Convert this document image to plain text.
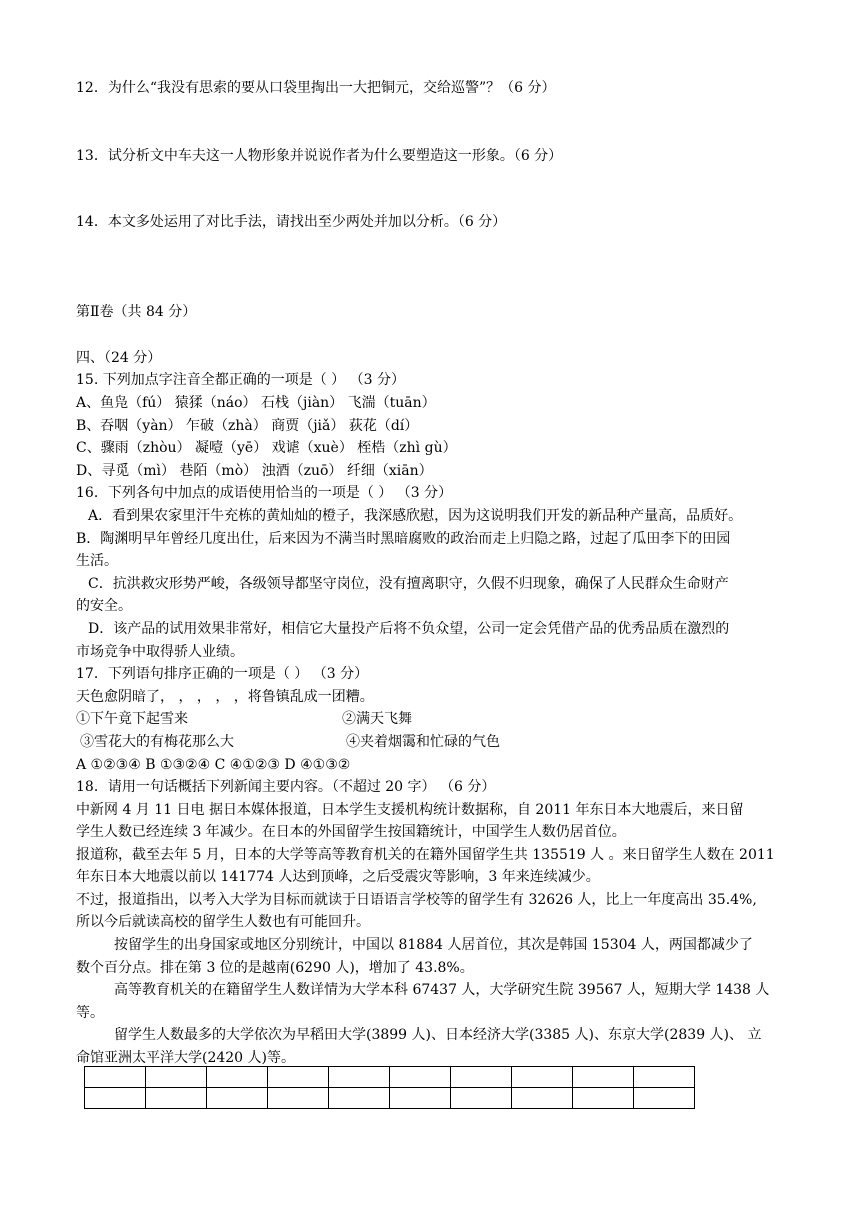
12．为什么“我没有思索的要从口袋里掏出一大把铜元，交给巡警”？（6 分）
13．试分析文中车夫这一人物形象并说说作者为什么要塑造这一形象。（6 分）
14．本文多处运用了对比手法，请找出至少两处并加以分析。（6 分）
第Ⅱ卷（共 84 分）
四、（24 分）
15. 下列加点字注音全都正确的一项是（ ） （3 分）
A、鱼凫（fú） 猿猱（náo） 石栈（jiàn） 飞湍（tuān）
B、吞咽（yàn） 乍破（zhà） 商贾（jiǎ） 荻花（dí）
C、骤雨（zhòu） 凝噎（yē） 戏谑（xuè） 桎梏（zhì gù）
D、寻觅（mì） 巷陌（mò） 浊酒（zuō） 纤细（xiān）
16．下列各句中加点的成语使用恰当的一项是（ ） （3 分）
A．看到果农家里汗牛充栋的黄灿灿的橙子，我深感欣慰，因为这说明我们开发的新品种产量高，品质好。
B．陶渊明早年曾经几度出仕，后来因为不满当时黑暗腐败的政治而走上归隐之路，过起了瓜田李下的田园
生活。
C．抗洪救灾形势严峻，各级领导都坚守岗位，没有擅离职守，久假不归现象，确保了人民群众生命财产
的安全。
D．该产品的试用效果非常好，相信它大量投产后将不负众望，公司一定会凭借产品的优秀品质在激烈的
市场竞争中取得骄人业绩。
17．下列语句排序正确的一项是（ ） （3 分）
天色愈阴暗了， ， ， ， ，将鲁镇乱成一团糟。
①下午竟下起雪来	②满天飞舞
③雪花大的有梅花那么大	④夹着烟霭和忙碌的气色
A ①②③④ B ①③②④ C ④①②③ D ④①③②
18．请用一句话概括下列新闻主要内容。（不超过 20 字） （6 分）
中新网 4 月 11 日电 据日本媒体报道，日本学生支援机构统计数据称，自 2011 年东日本大地震后，来日留
学生人数已经连续 3 年减少。在日本的外国留学生按国籍统计，中国学生人数仍居首位。
报道称，截至去年 5 月，日本的大学等高等教育机关的在籍外国留学生共 135519 人 。来日留学生人数在 2011
年东日本大地震以前以 141774 人达到顶峰，之后受震灾等影响，3 年来连续减少。
不过，报道指出，以考入大学为目标而就读于日语语言学校等的留学生有 32626 人，比上一年度高出 35.4%,
所以今后就读高校的留学生人数也有可能回升。
按留学生的出身国家或地区分别统计，中国以 81884 人居首位，其次是韩国 15304 人，两国都减少了
数个百分点。排在第 3 位的是越南(6290 人)，增加了 43.8%。
高等教育机关的在籍留学生人数详情为大学本科 67437 人，大学研究生院 39567 人，短期大学 1438 人
等。
留学生人数最多的大学依次为早稻田大学(3899 人)、日本经济大学(3385 人)、东京大学(2839 人)、 立
命馆亚洲太平洋大学(2420 人)等。
